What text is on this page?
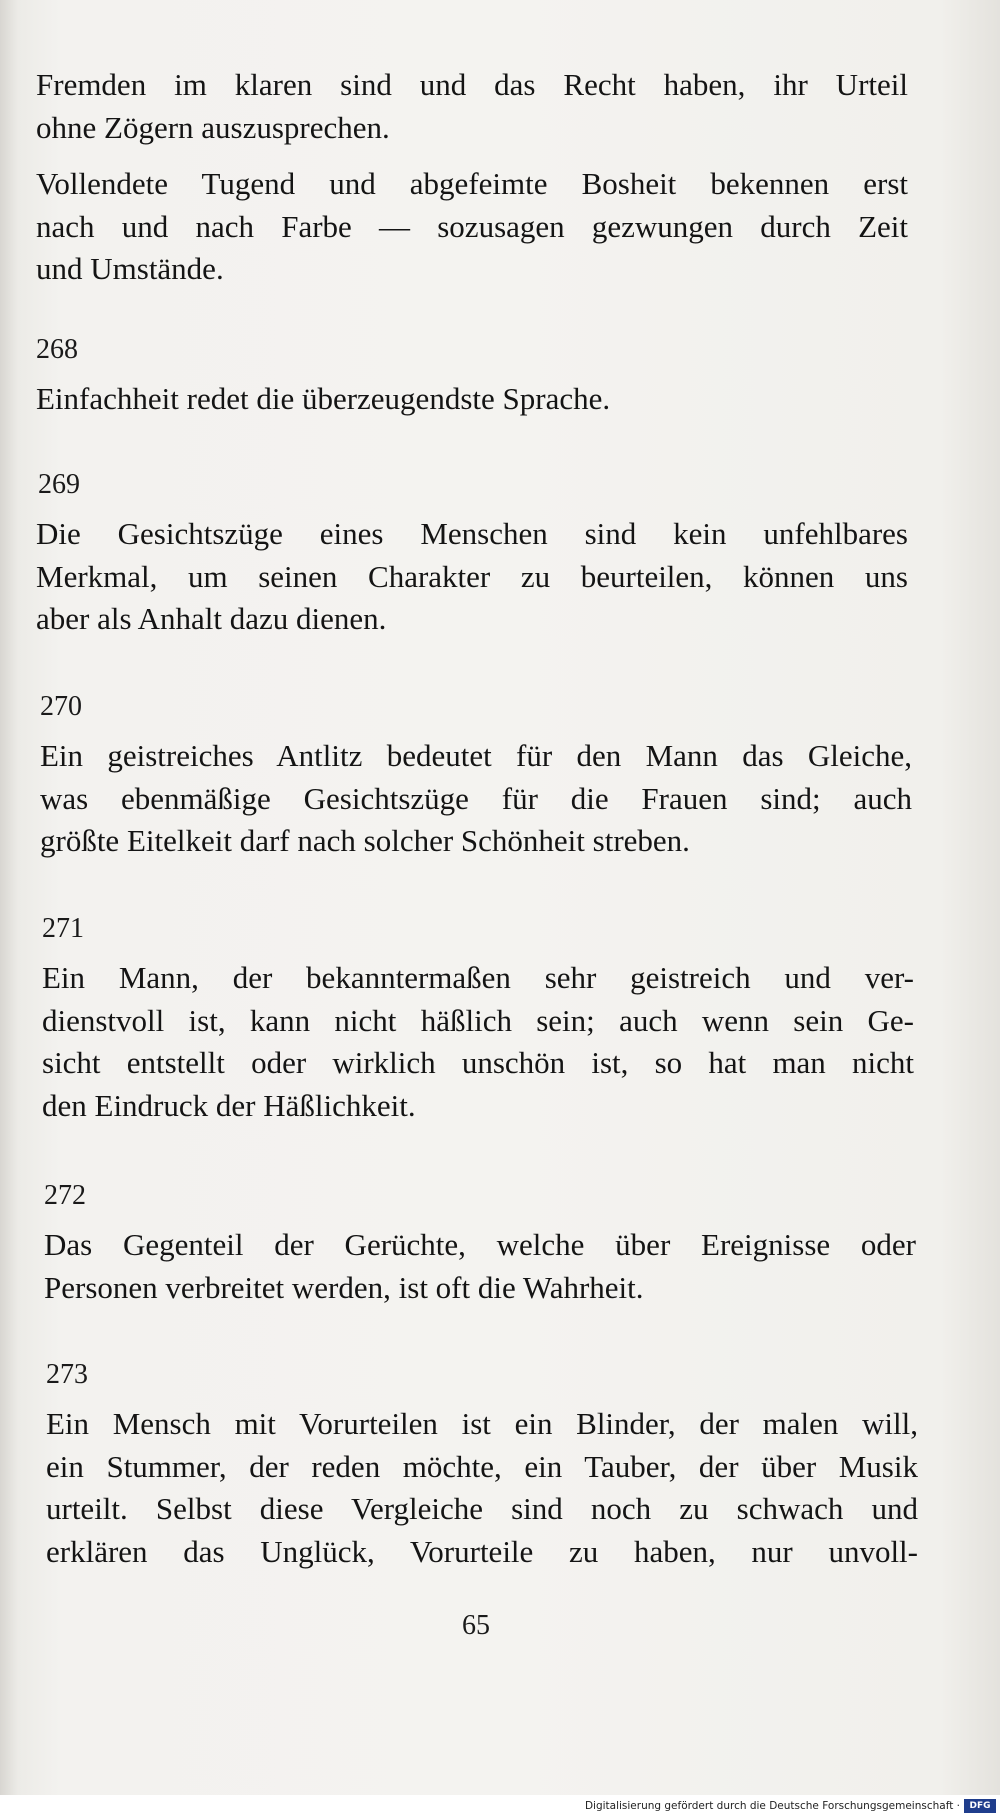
Fremden im klaren sind und das Recht haben, ihr Urteil
ohne Zögern auszusprechen.
Vollendete Tugend und abgefeimte Bosheit bekennen erst
nach und nach Farbe — sozusagen gezwungen durch Zeit
und Umstände.
268
Einfachheit redet die überzeugendste Sprache.
269
Die Gesichtszüge eines Menschen sind kein unfehlbares
Merkmal, um seinen Charakter zu beurteilen, können uns
aber als Anhalt dazu dienen.
270
Ein geistreiches Antlitz bedeutet für den Mann das Gleiche,
was ebenmäßige Gesichtszüge für die Frauen sind; auch
größte Eitelkeit darf nach solcher Schönheit streben.
271
Ein Mann, der bekanntermaßen sehr geistreich und ver-
dienstvoll ist, kann nicht häßlich sein; auch wenn sein Ge-
sicht entstellt oder wirklich unschön ist, so hat man nicht
den Eindruck der Häßlichkeit.
272
Das Gegenteil der Gerüchte, welche über Ereignisse oder
Personen verbreitet werden, ist oft die Wahrheit.
273
Ein Mensch mit Vorurteilen ist ein Blinder, der malen will,
ein Stummer, der reden möchte, ein Tauber, der über Musik
urteilt. Selbst diese Vergleiche sind noch zu schwach und
erklären das Unglück, Vorurteile zu haben, nur unvoll-
65
Digitalisierung gefördert durch die Deutsche Forschungsgemeinschaft ·	DFG
